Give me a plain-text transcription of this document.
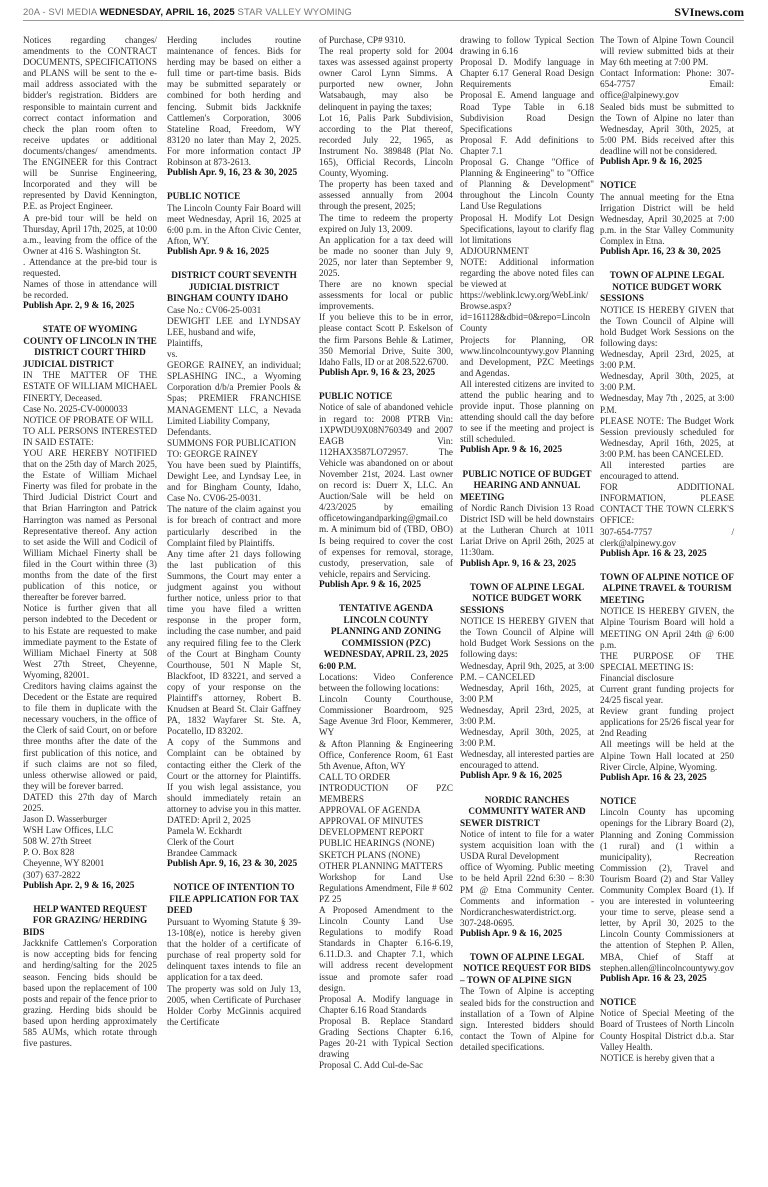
20A - SVI MEDIA WEDNESDAY, APRIL 16, 2025 STAR VALLEY WYOMING	SVInews.com

Notices regarding changes/ amendments to the CONTRACT DOCUMENTS, SPECIFICATIONS and PLANS will be sent to the e-mail address associated with the bidder's registration. Bidders are responsible to maintain current and correct contact information and check the plan room often to receive updates or additional documents/changes/ amendments. The ENGINEER for this Contract will be Sunrise Engineering, Incorporated and they will be represented by David Kennington, P.E. as Project Engineer.

A pre-bid tour will be held on Thursday, April 17th, 2025, at 10:00 a.m., leaving from the office of the Owner at 416 S. Washington St.

. Attendance at the pre-bid tour is requested.

Names of those in attendance will be recorded.

Publish Apr. 2, 9 & 16, 2025

STATE OF WYOMING COUNTY OF LINCOLN IN THE DISTRICT COURT THIRD JUDICIAL DISTRICT

IN THE MATTER OF THE ESTATE OF WILLIAM MICHAEL FINERTY, Deceased.

Case No. 2025-CV-0000033

NOTICE OF PROBATE OF WILL

TO ALL PERSONS INTERESTED IN SAID ESTATE:

YOU ARE HEREBY NOTIFIED that on the 25th day of March 2025, the Estate of William Michael Finerty was filed for probate in the Third Judicial District Court and that Brian Harrington and Patrick Harrington was named as Personal Representative thereof. Any action to set aside the Will and Codicil of William Michael Finerty shall be filed in the Court within three (3) months from the date of the first publication of this notice, or thereafter be forever barred.

Notice is further given that all person indebted to the Decedent or to his Estate are requested to make immediate payment to the Estate of William Michael Finerty at 508 West 27th Street, Cheyenne, Wyoming, 82001.

Creditors having claims against the Decedent or the Estate are required to file them in duplicate with the necessary vouchers, in the office of the Clerk of said Court, on or before three months after the date of the first publication of this notice, and if such claims are not so filed, unless otherwise allowed or paid, they will be forever barred.

DATED this 27th day of March 2025.

Jason D. Wasserburger

WSH Law Offices, LLC

508 W. 27th Street

P. O. Box 828

Cheyenne, WY 82001

(307) 637-2822

Publish Apr. 2, 9 & 16, 2025

HELP WANTED REQUEST FOR GRAZING/ HERDING BIDS

Jackknife Cattlemen's Corporation is now accepting bids for fencing and herding/salting for the 2025 season. Fencing bids should be based upon the replacement of 100 posts and repair of the fence prior to grazing. Herding bids should be based upon herding approximately 585 AUMs, which rotate through five pastures.

Herding includes routine maintenance of fences. Bids for herding may be based on either a full time or part-time basis. Bids may be submitted separately or combined for both herding and fencing. Submit bids Jackknife Cattlemen's Corporation, 3006 Stateline Road, Freedom, WY 83120 no later than May 2, 2025. For more information contact JP Robinson at 873-2613.

Publish Apr. 9, 16, 23 & 30, 2025

PUBLIC NOTICE

The Lincoln County Fair Board will meet Wednesday, April 16, 2025 at 6:00 p.m. in the Afton Civic Center, Afton, WY.

Publish Apr. 9 & 16, 2025

DISTRICT COURT SEVENTH JUDICIAL DISTRICT BINGHAM COUNTY IDAHO

Case No.: CV06-25-0031

DEWIGHT LEE and LYNDSAY LEE, husband and wife,

Plaintiffs,

vs.

GEORGE RAINEY, an individual; SPLASHING INC., a Wyoming Corporation d/b/a Premier Pools & Spas; PREMIER FRANCHISE MANAGEMENT LLC, a Nevada Limited Liability Company,

Defendants.

SUMMONS FOR PUBLICATION

TO: GEORGE RAINEY

You have been sued by Plaintiffs, Dewight Lee, and Lyndsay Lee, in and for Bingham County, Idaho, Case No. CV06-25-0031.

The nature of the claim against you is for breach of contract and more particularly described in the Complaint filed by Plaintiffs.

Any time after 21 days following the last publication of this Summons, the Court may enter a judgment against you without further notice, unless prior to that time you have filed a written response in the proper form, including the case number, and paid any required filing fee to the Clerk of the Court at Bingham County Courthouse, 501 N Maple St, Blackfoot, ID 83221, and served a copy of your response on the Plaintiff's attorney, Robert B. Knudsen at Beard St. Clair Gaffney PA, 1832 Wayfarer St. Ste. A, Pocatello, ID 83202.

A copy of the Summons and Complaint can be obtained by contacting either the Clerk of the Court or the attorney for Plaintiffs. If you wish legal assistance, you should immediately retain an attorney to advise you in this matter.

DATED: April 2, 2025

Pamela W. Eckhardt

Clerk of the Court

Brandee Cammack

Publish Apr. 9, 16, 23 & 30, 2025

NOTICE OF INTENTION TO FILE APPLICATION FOR TAX DEED

Pursuant to Wyoming Statute § 39-13-108(e), notice is hereby given that the holder of a certificate of purchase of real property sold for delinquent taxes intends to file an application for a tax deed.

The property was sold on July 13, 2005, when Certificate of Purchaser Holder Corby McGinnis acquired the Certificate

of Purchase, CP# 9310.

The real property sold for 2004 taxes was assessed against property owner Carol Lynn Simms. A purported new owner, John Watsabaugh, may also be delinquent in paying the taxes;

Lot 16, Palis Park Subdivision, according to the Plat thereof, recorded July 22, 1965, as Instrument No. 389848 (Plat No. 165), Official Records, Lincoln County, Wyoming.

The property has been taxed and assessed annually from 2004 through the present, 2025;

The time to redeem the property expired on July 13, 2009.

An application for a tax deed will be made no sooner than July 9, 2025, nor later than September 9, 2025.

There are no known special assessments for local or public improvements.

If you believe this to be in error, please contact Scott P. Eskelson of the firm Parsons Behle & Latimer, 350 Memorial Drive, Suite 300, Idaho Falls, ID or at 208.522.6700.

Publish Apr. 9, 16 & 23, 2025

PUBLIC NOTICE

Notice of sale of abandoned vehicle in regard to: 2008 PTRB Vin: 1XPWDU9X08N760349 and 2007 EAGB Vin: 112HAX3587LO72957. The Vehicle was abandoned on or about November 21st, 2024. Last owner on record is: Duerr X, LLC. An Auction/Sale will be held on 4/23/2025 by emailing officetowingandparking@gmail.com. A minimum bid of (TBD, OBO) Is being required to cover the cost of expenses for removal, storage, custody, preservation, sale of vehicle, repairs and Servicing.

Publish Apr. 9 & 16, 2025

TENTATIVE AGENDA LINCOLN COUNTY PLANNING AND ZONING COMMISSION (PZC) WEDNESDAY, APRIL 23, 2025 6:00 P.M.

Locations: Video Conference between the following locations:

Lincoln County Courthouse, Commissioner Boardroom, 925 Sage Avenue 3rd Floor, Kemmerer, WY

& Afton Planning & Engineering Office, Conference Room, 61 East 5th Avenue, Afton, WY

CALL TO ORDER

INTRODUCTION OF PZC MEMBERS

APPROVAL OF AGENDA

APPROVAL OF MINUTES

DEVELOPMENT REPORT

PUBLIC HEARINGS (NONE)

SKETCH PLANS (NONE)

OTHER PLANNING MATTERS

Workshop for Land Use Regulations Amendment, File # 602 PZ 25

A Proposed Amendment to the Lincoln County Land Use Regulations to modify Road Standards in Chapter 6.16-6.19, 6.11.D.3. and Chapter 7.1, which will address recent development issue and promote safer road design.

Proposal A. Modify language in Chapter 6.16 Road Standards

Proposal B. Replace Standard Grading Sections Chapter 6.16, Pages 20-21 with Typical Section drawing

Proposal C. Add Cul-de-Sac

drawing to follow Typical Section drawing in 6.16

Proposal D. Modify language in Chapter 6.17 General Road Design Requirements

Proposal E. Amend language and Road Type Table in 6.18 Subdivision Road Design Specifications

Proposal F. Add definitions to Chapter 7.1

Proposal G. Change "Office of Planning & Engineering" to "Office of Planning & Development" throughout the Lincoln County Land Use Regulations

Proposal H. Modify Lot Design Specifications, layout to clarify flag lot limitations

ADJOURNMENT

NOTE: Additional information regarding the above noted files can be viewed at

https://weblink.lcwy.org/WebLink/Browse.aspx?id=161128&dbid=0&repo=LincolnCounty

Projects for Planning, OR www.lincolncountywy.gov Planning and Development, PZC Meetings and Agendas.

All interested citizens are invited to attend the public hearing and to provide input. Those planning on attending should call the day before to see if the meeting and project is still scheduled.

Publish Apr. 9 & 16, 2025

PUBLIC NOTICE OF BUDGET HEARING AND ANNUAL MEETING

of Nordic Ranch Division 13 Road District ISD will be held downstairs at the Lutheran Church at 1011 Lariat Drive on April 26th, 2025 at 11:30am.

Publish Apr. 9, 16 & 23, 2025

TOWN OF ALPINE LEGAL NOTICE BUDGET WORK SESSIONS

NOTICE IS HEREBY GIVEN that the Town Council of Alpine will hold Budget Work Sessions on the following days:

Wednesday, April 9th, 2025, at 3:00 P.M. – CANCELED

Wednesday, April 16th, 2025, at 3:00 P.M

Wednesday, April 23rd, 2025, at 3:00 P.M.

Wednesday, April 30th, 2025, at 3:00 P.M.

Wednesday, all interested parties are encouraged to attend.

Publish Apr. 9 & 16, 2025

NORDIC RANCHES COMMUNITY WATER AND SEWER DISTRICT

Notice of intent to file for a water system acquisition loan with the USDA Rural Development

office of Wyoming. Public meeting to be held April 22nd 6:30 – 8:30 PM @ Etna Community Center. Comments and information - Nordicrancheswaterdistrict.org. 307-248-0695.

Publish Apr. 9 & 16, 2025

TOWN OF ALPINE LEGAL NOTICE REQUEST FOR BIDS – TOWN OF ALPINE SIGN

The Town of Alpine is accepting sealed bids for the construction and installation of a Town of Alpine sign. Interested bidders should contact the Town of Alpine for detailed specifications.

The Town of Alpine Town Council will review submitted bids at their May 6th meeting at 7:00 PM.

Contact Information: Phone: 307-654-7757 Email: office@alpinewy.gov

Sealed bids must be submitted to the Town of Alpine no later than Wednesday, April 30th, 2025, at 5:00 PM. Bids received after this deadline will not be considered.

Publish Apr. 9 & 16, 2025

NOTICE

The annual meeting for the Etna Irrigation District will be held Wednesday, April 30,2025 at 7:00 p.m. in the Star Valley Community Complex in Etna.

Publish Apr. 16, 23 & 30, 2025

TOWN OF ALPINE LEGAL NOTICE BUDGET WORK SESSIONS

NOTICE IS HEREBY GIVEN that the Town Council of Alpine will hold Budget Work Sessions on the following days:

Wednesday, April 23rd, 2025, at 3:00 P.M.

Wednesday, April 30th, 2025, at 3:00 P.M.

Wednesday, May 7th , 2025, at 3:00 P.M.

PLEASE NOTE: The Budget Work Session previously scheduled for Wednesday, April 16th, 2025, at 3:00 P.M. has been CANCELED.

All interested parties are encouraged to attend.

FOR ADDITIONAL INFORMATION, PLEASE CONTACT THE TOWN CLERK'S OFFICE:

307-654-7757 / clerk@alpinewy.gov

Publish Apr. 16 & 23, 2025

TOWN OF ALPINE NOTICE OF ALPINE TRAVEL & TOURISM MEETING

NOTICE IS HEREBY GIVEN, the Alpine Tourism Board will hold a MEETING ON April 24th @ 6:00 p.m.

THE PURPOSE OF THE SPECIAL MEETING IS:

Financial disclosure

Current grant funding projects for 24/25 fiscal year.

Review grant funding project applications for 25/26 fiscal year for 2nd Reading

All meetings will be held at the Alpine Town Hall located at 250 River Circle, Alpine, Wyoming.

Publish Apr. 16 & 23, 2025

NOTICE

Lincoln County has upcoming openings for the Library Board (2), Planning and Zoning Commission (1 rural) and (1 within a municipality), Recreation Commission (2), Travel and Tourism Board (2) and Star Valley Community Complex Board (1). If you are interested in volunteering your time to serve, please send a letter, by April 30, 2025 to the Lincoln County Commissioners at the attention of Stephen P. Allen, MBA, Chief of Staff at stephen.allen@lincolncountywy.gov

Publish Apr. 16 & 23, 2025

NOTICE

Notice of Special Meeting of the Board of Trustees of North Lincoln County Hospital District d.b.a. Star Valley Health.

NOTICE is hereby given that a
